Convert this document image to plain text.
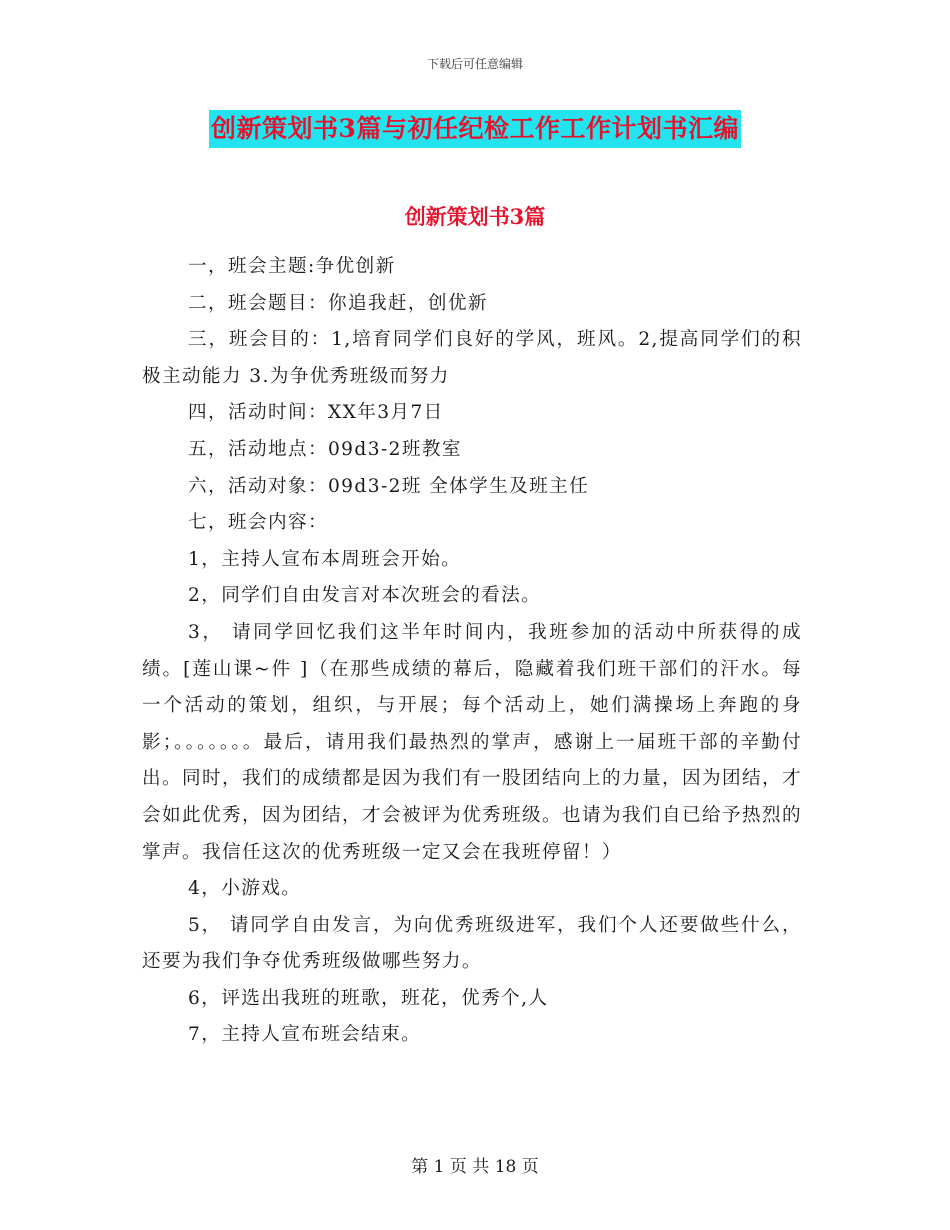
下载后可任意编辑
创新策划书3篇与初任纪检工作工作计划书汇编
创新策划书3篇

一，班会主题:争优创新

二，班会题目：你追我赶，创优新

三，班会目的：1,培育同学们良好的学风，班风。2,提高同学们的积极主动能力 3.为争优秀班级而努力

四，活动时间：XX年3月7日

五，活动地点：09d3-2班教室

六，活动对象：09d3-2班 全体学生及班主任

七，班会内容：

1，主持人宣布本周班会开始。

2，同学们自由发言对本次班会的看法。

3， 请同学回忆我们这半年时间内，我班参加的活动中所获得的成绩。[莲山课~件 ]（在那些成绩的幕后，隐藏着我们班干部们的汗水。每一个活动的策划，组织，与开展；每个活动上，她们满操场上奔跑的身影；。。。。。。。最后，请用我们最热烈的掌声，感谢上一届班干部的辛勤付出。同时，我们的成绩都是因为我们有一股团结向上的力量，因为团结，才会如此优秀，因为团结，才会被评为优秀班级。也请为我们自已给予热烈的掌声。我信任这次的优秀班级一定又会在我班停留！）

4，小游戏。

5， 请同学自由发言，为向优秀班级进军，我们个人还要做些什么，还要为我们争夺优秀班级做哪些努力。

6，评选出我班的班歌，班花，优秀个,人

7，主持人宣布班会结束。

第 1 页 共 18 页
